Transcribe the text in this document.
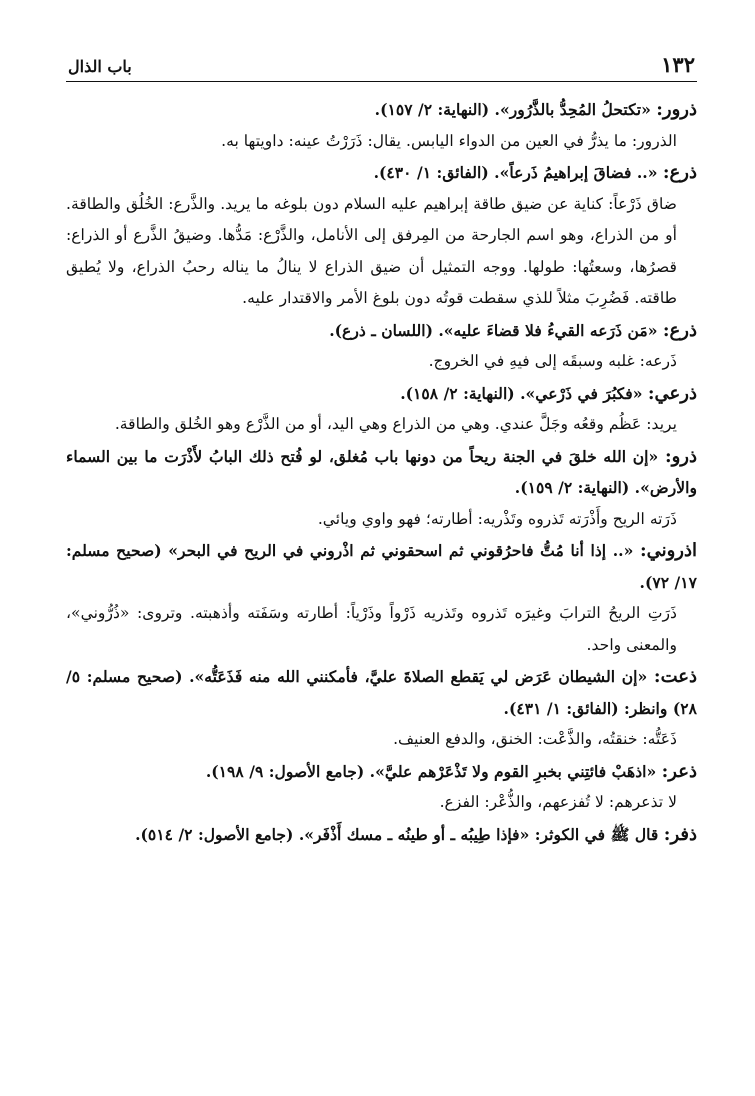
١٣٢
باب الذال

ذرور: «تكتحلُ المُحِدُّ بالذَّرُور». (النهاية: ٢/ ١٥٧).

الذرور: ما يذرُّ في العين من الدواء اليابس. يقال: ذَرَرْتُ عينه: داويتها به.

ذرع: «.. فضاقَ إبراهيمُ ذَرعاً». (الفائق: ١/ ٤٣٠).

ضاق ذَرْعاً: كناية عن ضيق طاقة إبراهيم عليه السلام دون بلوغه ما يريد. والذَّرع: الخُلُق والطاقة. أو من الذراع، وهو اسم الجارحة من المِرفق إلى الأنامل، والذَّرْع: مَدُّها. وضيقُ الذَّرع أو الذراع: قصرُها، وسعتُها: طولها. ووجه التمثيل أن ضيق الذراع لا ينالُ ما يناله رحبُ الذراع، ولا يُطيق طاقته. فَضُرِبَ مثلاً للذي سقطت قوتُه دون بلوغ الأمر والاقتدار عليه.

ذرع: «مَن ذَرَعه القيءُ فلا قضاءَ عليه». (اللسان ـ ذرع).

ذَرعه: غلبه وسبقَه إلى فيهِ في الخروج.

ذرعي: «فكبُرَ في ذَرْعي». (النهاية: ٢/ ١٥٨).

يريد: عَظُم وقعُه وجَلَّ عندي. وهي من الذراع وهي اليد، أو من الذَّرْع وهو الخُلق والطاقة.

ذرو: «إن الله خلقَ في الجنة ريحاً من دونها باب مُغلق، لو فُتح ذلك البابُ لأَذْرَت ما بين السماء والأرض». (النهاية: ٢/ ١٥٩).

ذَرَته الريح وأَذْرَته تَذروه وتَذْريه: أطارته؛ فهو واوي ويائي.

اذروني: «.. إذا أنا مُتُّ فاحرُقوني ثم اسحقوني ثم اذْروني في الريح في البحر» (صحيح مسلم: ١٧/ ٧٢).

ذَرَتِ الريحُ الترابَ وغيرَه تَذروه وتَذريه ذَرْواً وذَرْياً: أطارته وسَفَته وأذهبته. وتروى: «ذُرُّوني»، والمعنى واحد.

ذعت: «إن الشيطان عَرَض لي يَقطع الصلاةَ عليَّ، فأمكنني الله منه فَذَعَتُّه». (صحيح مسلم: ٥/ ٢٨) وانظر: (الفائق: ١/ ٤٣١).

ذَعَتُّه: خنقتُه، والذَّعْت: الخنق، والدفع العنيف.

ذعر: «اذهَبْ فائتِني بخبرِ القوم ولا تَذْعَرْهم عليَّ». (جامع الأصول: ٩/ ١٩٨).

لا تذعرهم: لا تُفزعهم، والذُّعْر: الفزع.

ذفر: قال ﷺ في الكوثر: «فإذا طِيبُه ـ أو طينُه ـ مسك أَذْفَر». (جامع الأصول: ٢/ ٥١٤).
